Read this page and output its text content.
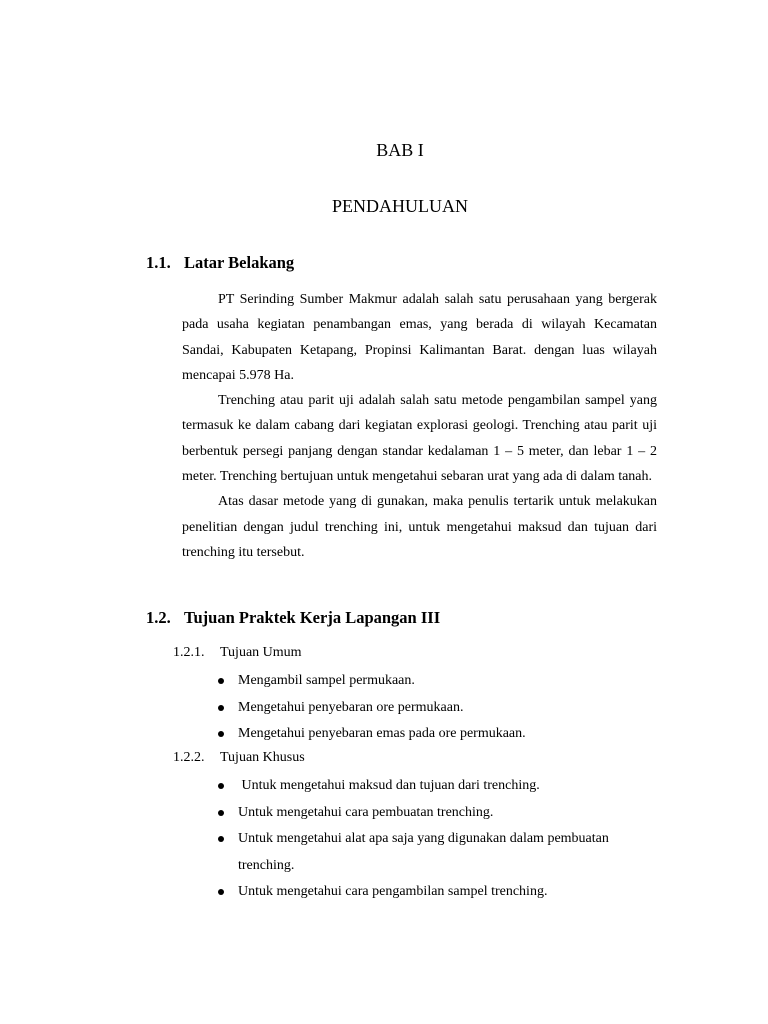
BAB I
PENDAHULUAN
1.1. Latar Belakang

PT Serinding Sumber Makmur adalah salah satu perusahaan yang bergerak pada usaha kegiatan penambangan emas, yang berada di wilayah Kecamatan Sandai, Kabupaten Ketapang, Propinsi Kalimantan Barat. dengan luas wilayah mencapai 5.978 Ha.

Trenching atau parit uji adalah salah satu metode pengambilan sampel yang termasuk ke dalam cabang dari kegiatan explorasi geologi. Trenching atau parit uji berbentuk persegi panjang dengan standar kedalaman 1 – 5 meter, dan lebar 1 – 2 meter. Trenching bertujuan untuk mengetahui sebaran urat yang ada di dalam tanah.

Atas dasar metode yang di gunakan, maka penulis tertarik untuk melakukan penelitian dengan judul trenching ini, untuk mengetahui maksud dan tujuan dari trenching itu tersebut.

1.2. Tujuan Praktek Kerja Lapangan III
1.2.1. Tujuan Umum
Mengambil sampel permukaan.
Mengetahui penyebaran ore permukaan.
Mengetahui penyebaran emas pada ore permukaan.
1.2.2. Tujuan Khusus
Untuk mengetahui maksud dan tujuan dari trenching.
Untuk mengetahui cara pembuatan trenching.
Untuk mengetahui alat apa saja yang digunakan dalam pembuatan trenching.
Untuk mengetahui cara pengambilan sampel trenching.
